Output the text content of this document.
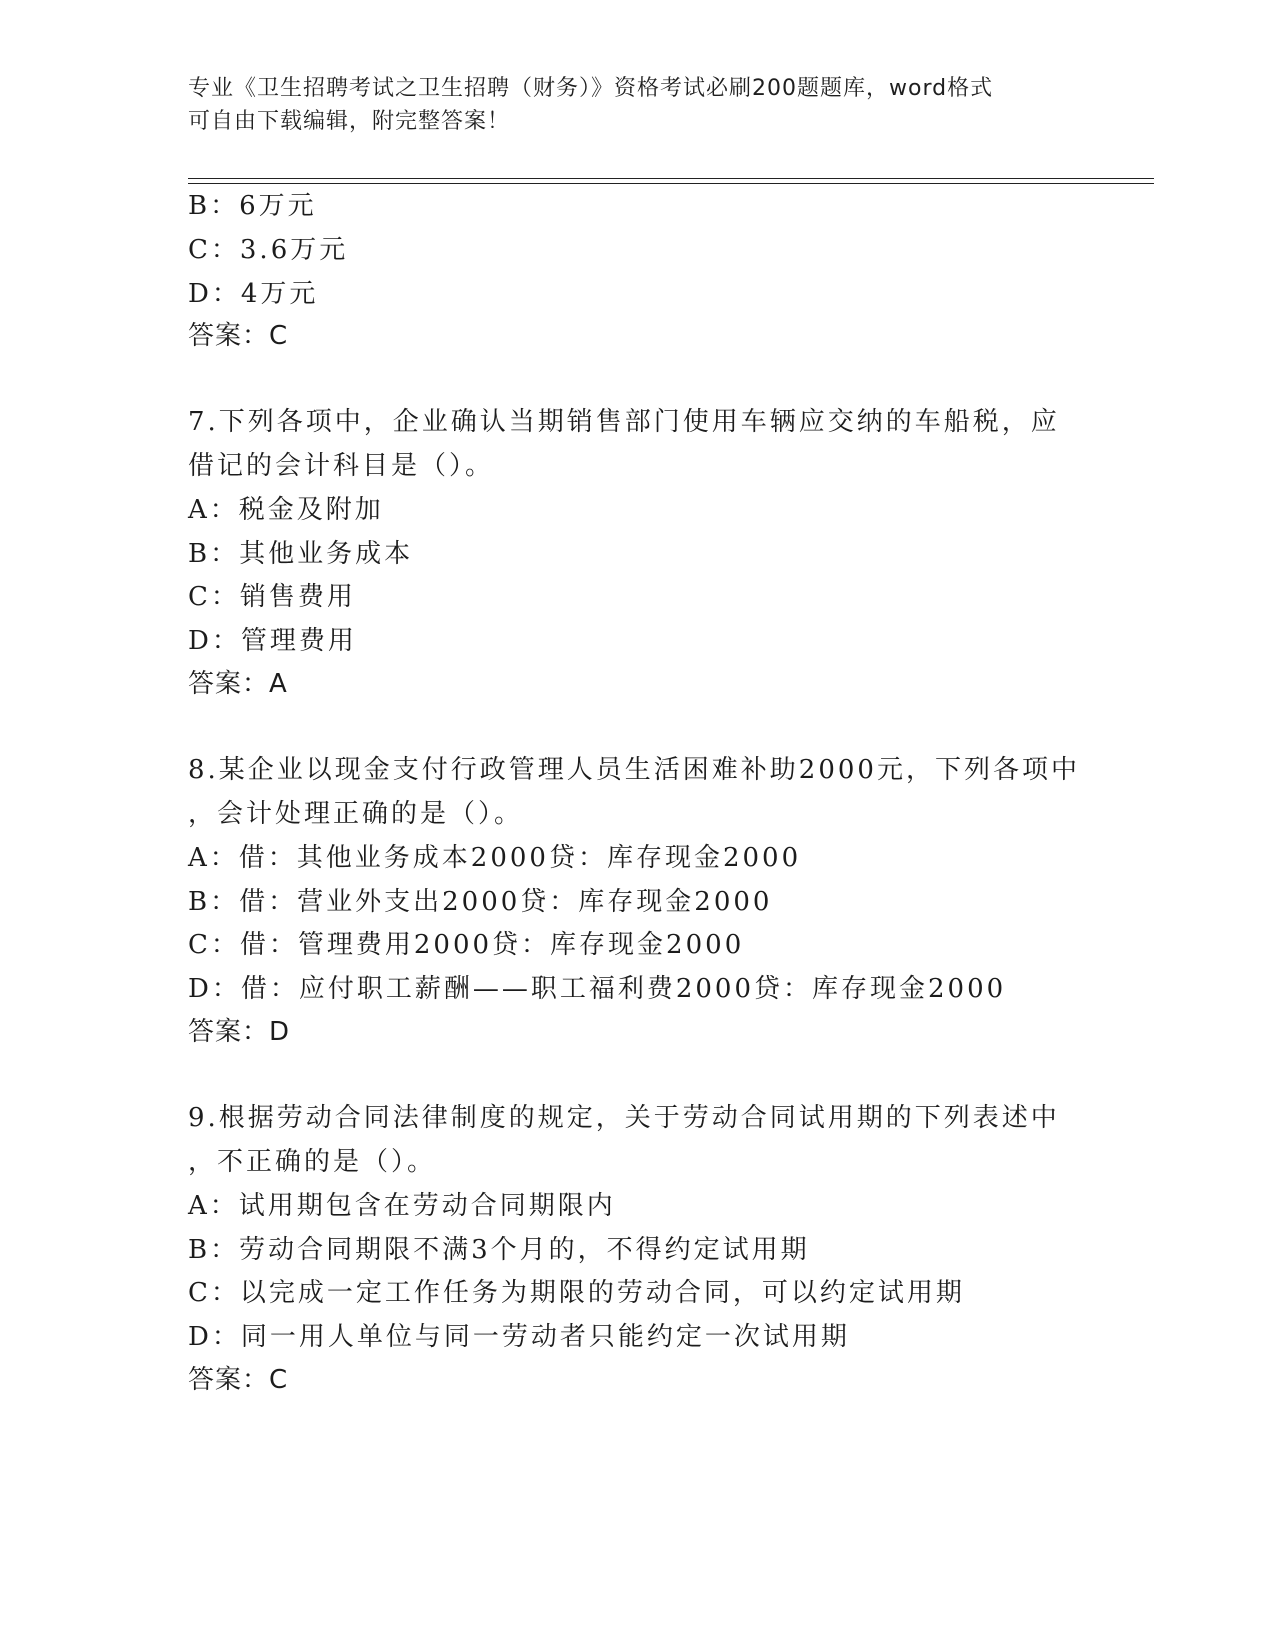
专业《卫生招聘考试之卫生招聘（财务）》资格考试必刷200题题库，word格式
可自由下载编辑，附完整答案！
B：6万元
C：3.6万元
D：4万元
答案：C
7.下列各项中，企业确认当期销售部门使用车辆应交纳的车船税，应
借记的会计科目是（）。
A：税金及附加
B：其他业务成本
C：销售费用
D：管理费用
答案：A
8.某企业以现金支付行政管理人员生活困难补助2000元，下列各项中
，会计处理正确的是（）。
A：借：其他业务成本2000贷：库存现金2000
B：借：营业外支出2000贷：库存现金2000
C：借：管理费用2000贷：库存现金2000
D：借：应付职工薪酬——职工福利费2000贷：库存现金2000
答案：D
9.根据劳动合同法律制度的规定，关于劳动合同试用期的下列表述中
，不正确的是（）。
A：试用期包含在劳动合同期限内
B：劳动合同期限不满3个月的，不得约定试用期
C：以完成一定工作任务为期限的劳动合同，可以约定试用期
D：同一用人单位与同一劳动者只能约定一次试用期
答案：C
